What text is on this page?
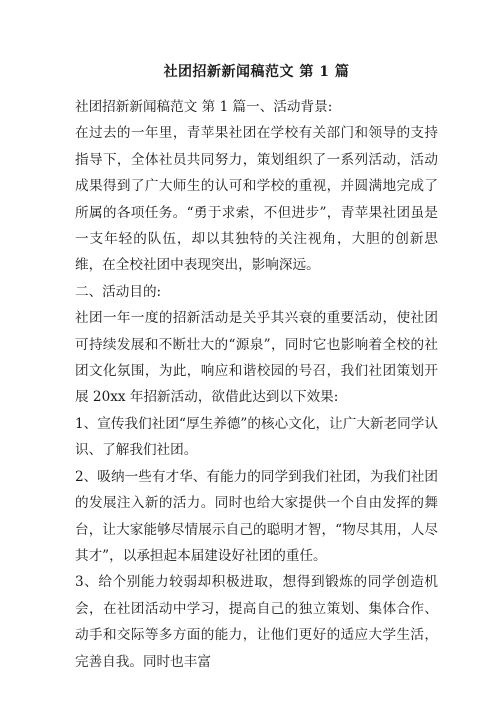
社团招新新闻稿范文 第 1 篇

社团招新新闻稿范文 第 1 篇一、活动背景:

在过去的一年里，青苹果社团在学校有关部门和领导的支持指导下，全体社员共同努力，策划组织了一系列活动，活动成果得到了广大师生的认可和学校的重视，并圆满地完成了所属的各项任务。“勇于求索，不但进步”，青苹果社团虽是一支年轻的队伍，却以其独特的关注视角，大胆的创新思维，在全校社团中表现突出，影响深远。

二、活动目的:

社团一年一度的招新活动是关乎其兴衰的重要活动，使社团可持续发展和不断壮大的“源泉”，同时它也影响着全校的社团文化氛围，为此，响应和谐校园的号召，我们社团策划开展 20xx 年招新活动，欲借此达到以下效果:

1、宣传我们社团“厚生养德”的核心文化，让广大新老同学认识、了解我们社团。

2、吸纳一些有才华、有能力的同学到我们社团，为我们社团的发展注入新的活力。同时也给大家提供一个自由发挥的舞台，让大家能够尽情展示自己的聪明才智，“物尽其用，人尽其才”，以承担起本届建设好社团的重任。

3、给个别能力较弱却积极进取，想得到锻炼的同学创造机会，在社团活动中学习，提高自己的独立策划、集体合作、动手和交际等多方面的能力，让他们更好的适应大学生活，完善自我。同时也丰富
